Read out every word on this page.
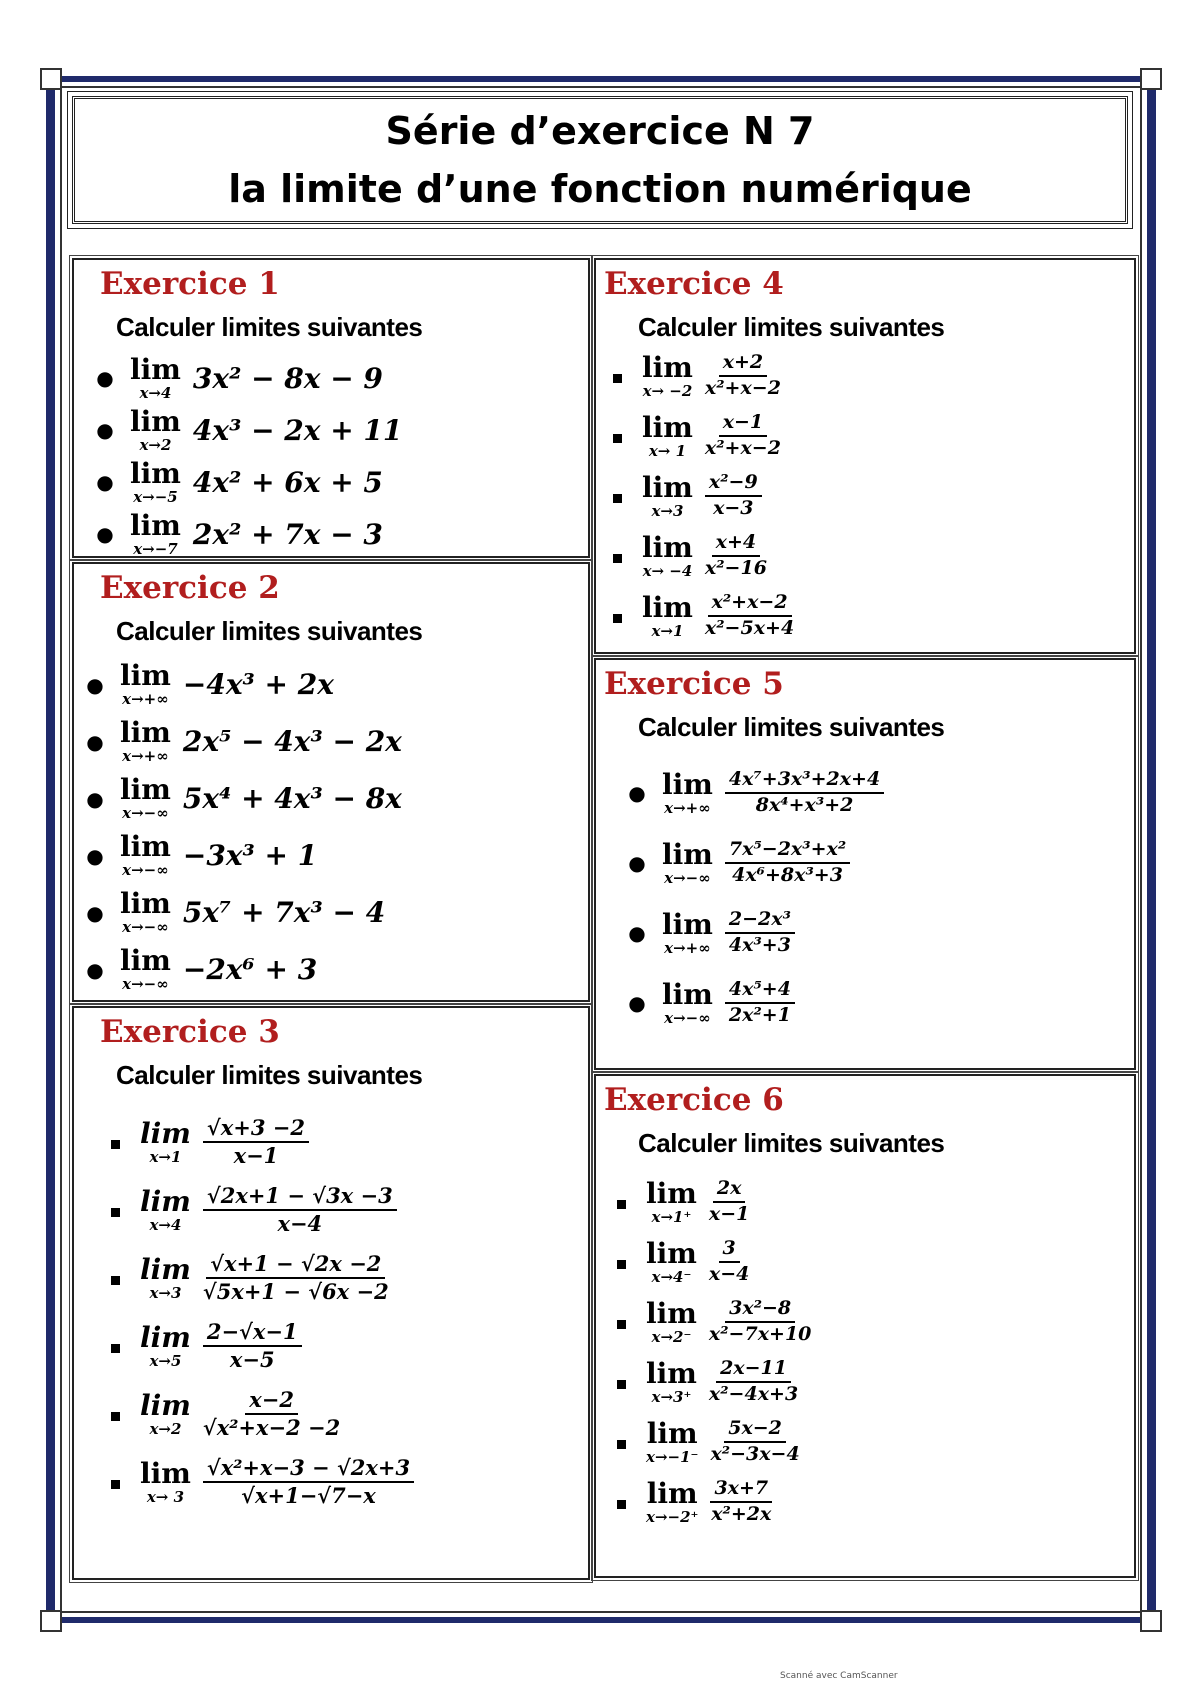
Série d’exercice N 7
la limite d’une fonction numérique
Exercice 1
Calculer limites suivantes
● lim
x→4 3x² − 8x − 9
● lim
x→2 4x³ − 2x + 11
● lim
x→−5 4x² + 6x + 5
● lim
x→−7 2x² + 7x − 3
Exercice 2
Calculer limites suivantes
● lim
x→+∞ −4x³ + 2x
● lim
x→+∞ 2x⁵ − 4x³ − 2x
● lim
x→−∞ 5x⁴ + 4x³ − 8x
● lim
x→−∞ −3x³ + 1
● lim
x→−∞ 5x⁷ + 7x³ − 4
● lim
x→−∞ −2x⁶ + 3
Exercice 3
Calculer limites suivantes
lim
$x\to 1 \frac{√x+3 -2}{x-1}$
lim
$x\to 4 \frac{√2x+1 - √3x -3}{x-4}$
lim
$x\to 3 \frac{√x+1 - √2x -2}{√5x+1 - √6x -2}$
lim
$x\to 5 \frac{2-√x-1}{x-5}$
lim
$x\to 2 \frac{x-2}{\text{√x²+x−2 −2}}$
lim
$x\to 3 \frac{\text{√x²+x−3 − √2x+3}}{√x+1-√7-x}$
Exercice 4
Calculer limites suivantes
lim
$x\to -2 \frac{x+2}{\text{x²+x−2}}$
lim
$x\to 1 \frac{x-1}{\text{x²+x−2}}$
lim
$x\to 3 \frac{\text{x²−9}}{x-3}$
lim
$x\to -4 \frac{x+4}{\text{x²−16}}$
lim
$x\to 1 \frac{\text{x²+x−2}}{\text{x²−5x+4}}$
Exercice 5
Calculer limites suivantes
● lim
$x\to+\infty \frac{\text{4x⁷+3x³+2x+4}}{\text{8x⁴+x³+2}}$
● lim
$x\to-\infty \frac{\text{7x⁵−2x³+x²}}{\text{4x⁶+8x³+3}}$
● lim
$x\to+\infty \frac{\text{2−2x³}}{\text{4x³+3}}$
● lim
$x\to-\infty \frac{\text{4x⁵+4}}{\text{2x²+1}}$
Exercice 6
Calculer limites suivantes
lim
$x\to 1^+ \frac{2x}{x-1}$
lim
$x\to 4^- \frac{3}{x-4}$
lim
$x\to 2^- \frac{\text{3x²−8}}{\text{x²−7x+10}}$
lim
$x\to 3^+ \frac{2x-11}{\text{x²−4x+3}}$
lim
$x\to-1^- \frac{5x-2}{\text{x²−3x−4}}$
lim
$x\to-2^+ \frac{3x+7}{\text{x²+2x}}$
Scanné avec CamScanner
